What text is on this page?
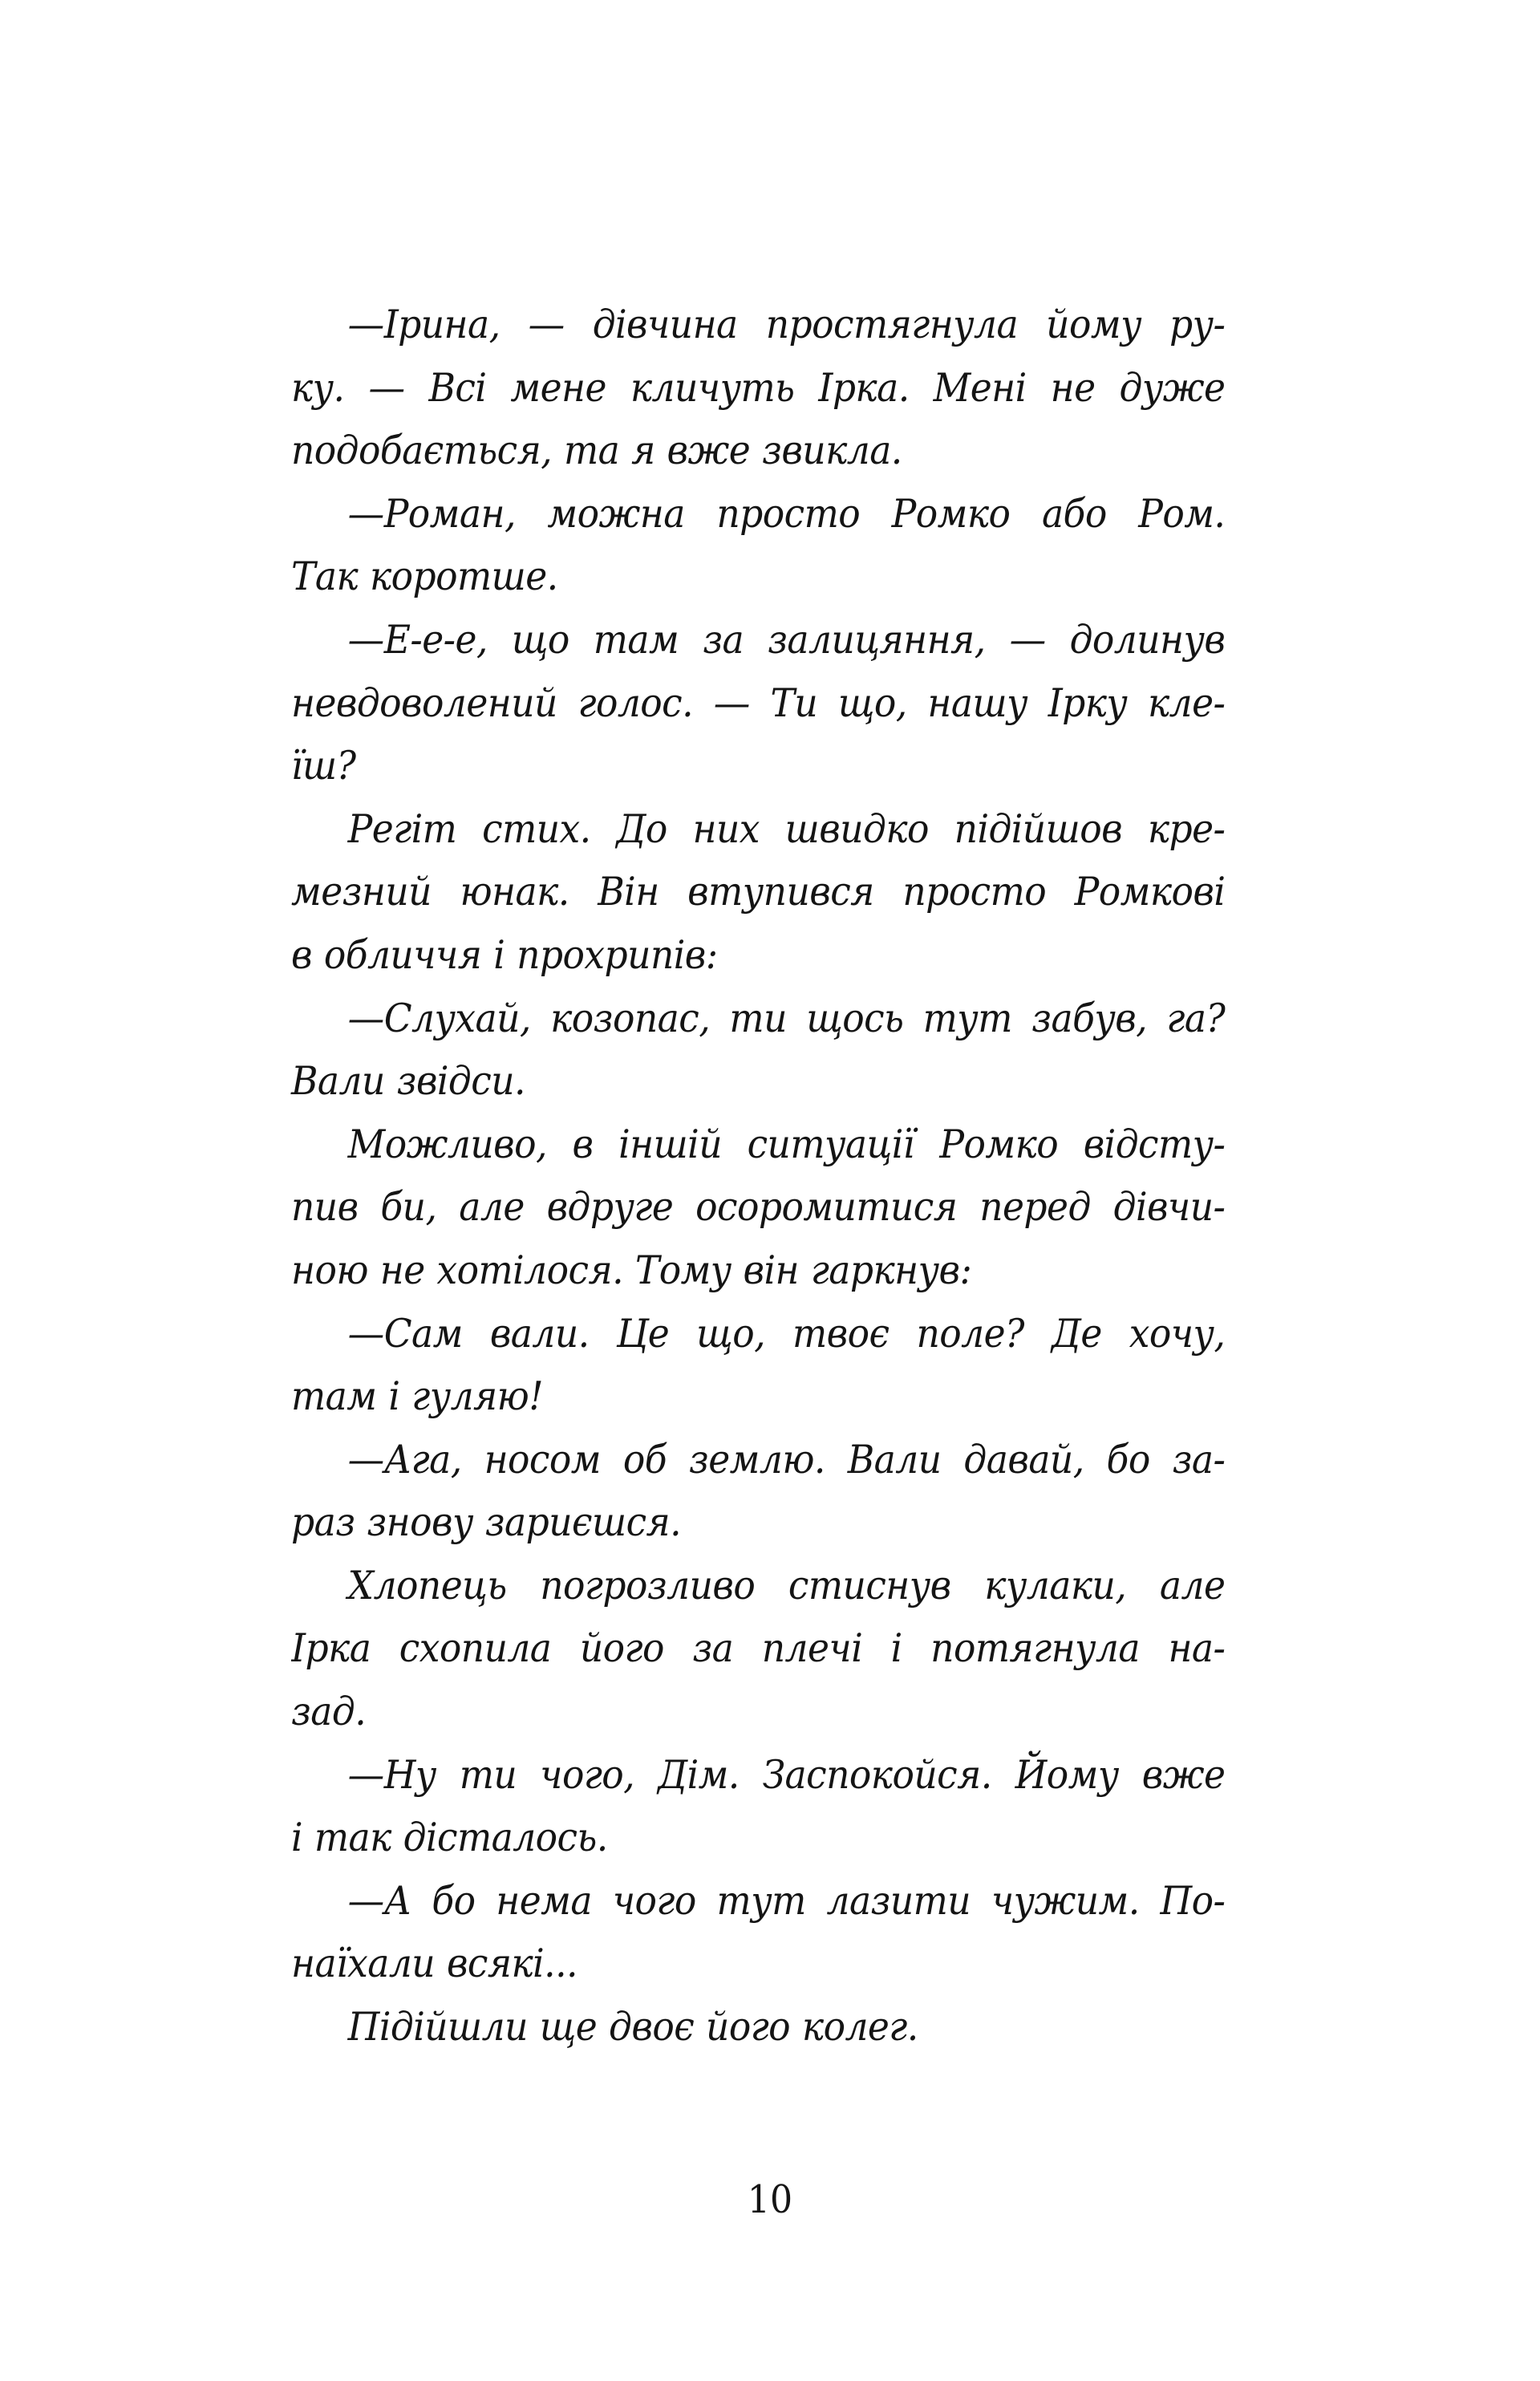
—Ірина, — дівчина простягнула йому ру-
ку. — Всі мене кличуть Ірка. Мені не дуже
подобається, та я вже звикла.
—Роман, можна просто Ромко або Ром.
Так коротше.
—Е-е-е, що там за залицяння, — долинув
невдоволений голос. — Ти що, нашу Ірку кле-
їш?
Регіт стих. До них швидко підійшов кре-
мезний юнак. Він втупився просто Ромкові
в обличчя і прохрипів:
—Слухай, козопас, ти щось тут забув, га?
Вали звідси.
Можливо, в іншій ситуації Ромко відсту-
пив би, але вдруге осоромитися перед дівчи-
ною не хотілося. Тому він гаркнув:
—Сам вали. Це що, твоє поле? Де хочу,
там і гуляю!
—Ага, носом об землю. Вали давай, бо за-
раз знову зариєшся.
Хлопець погрозливо стиснув кулаки, але
Ірка схопила його за плечі і потягнула на-
зад.
—Ну ти чого, Дім. Заспокойся. Йому вже
і так дісталось.
—А бо нема чого тут лазити чужим. По-
наїхали всякі...
Підійшли ще двоє його колег.
10
